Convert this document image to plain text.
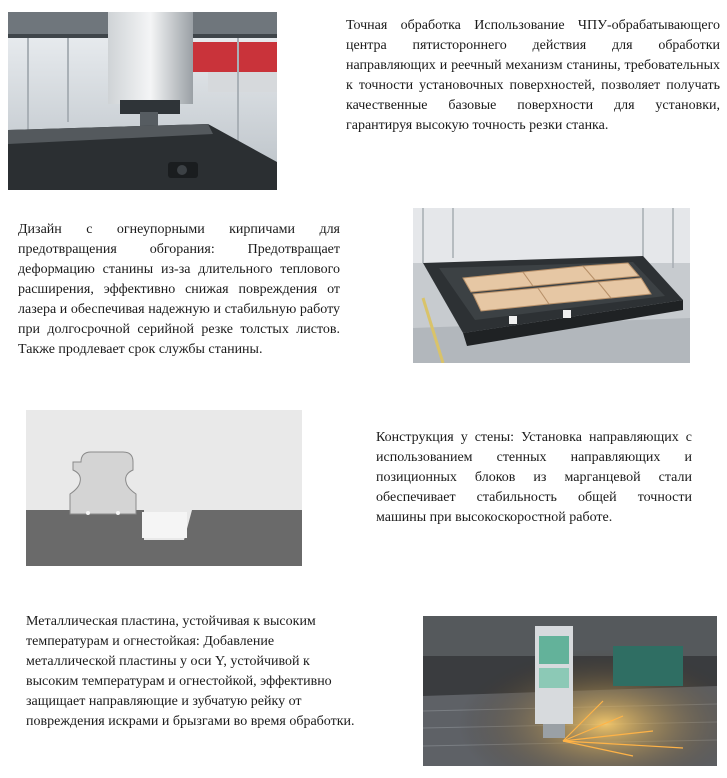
Точная обработка Использование ЧПУ-обрабатывающего центра пятистороннего действия для обработки направляющих и реечный механизм станины, требовательных к точности установочных поверхностей, позволяет получать качественные базовые поверхности для установки, гарантируя высокую точность резки станка.

Дизайн с огнеупорными кирпичами для предотвращения обгорания: Предотвращает деформацию станины из-за длительного теплового расширения, эффективно снижая повреждения от лазера и обеспечивая надежную и стабильную работу при долгосрочной серийной резке толстых листов. Также продлевает срок службы станины.

Конструкция у стены: Установка направляющих с использованием стенных направляющих и позиционных блоков из марганцевой стали обеспечивает стабильность общей точности машины при высокоскоростной работе.

Металлическая пластина, устойчивая к высоким температурам и огнестойкая: Добавление металлической пластины у оси Y, устойчивой к высоким температурам и огнестойкой, эффективно защищает направляющие и зубчатую рейку от повреждения искрами и брызгами во время обработки.
